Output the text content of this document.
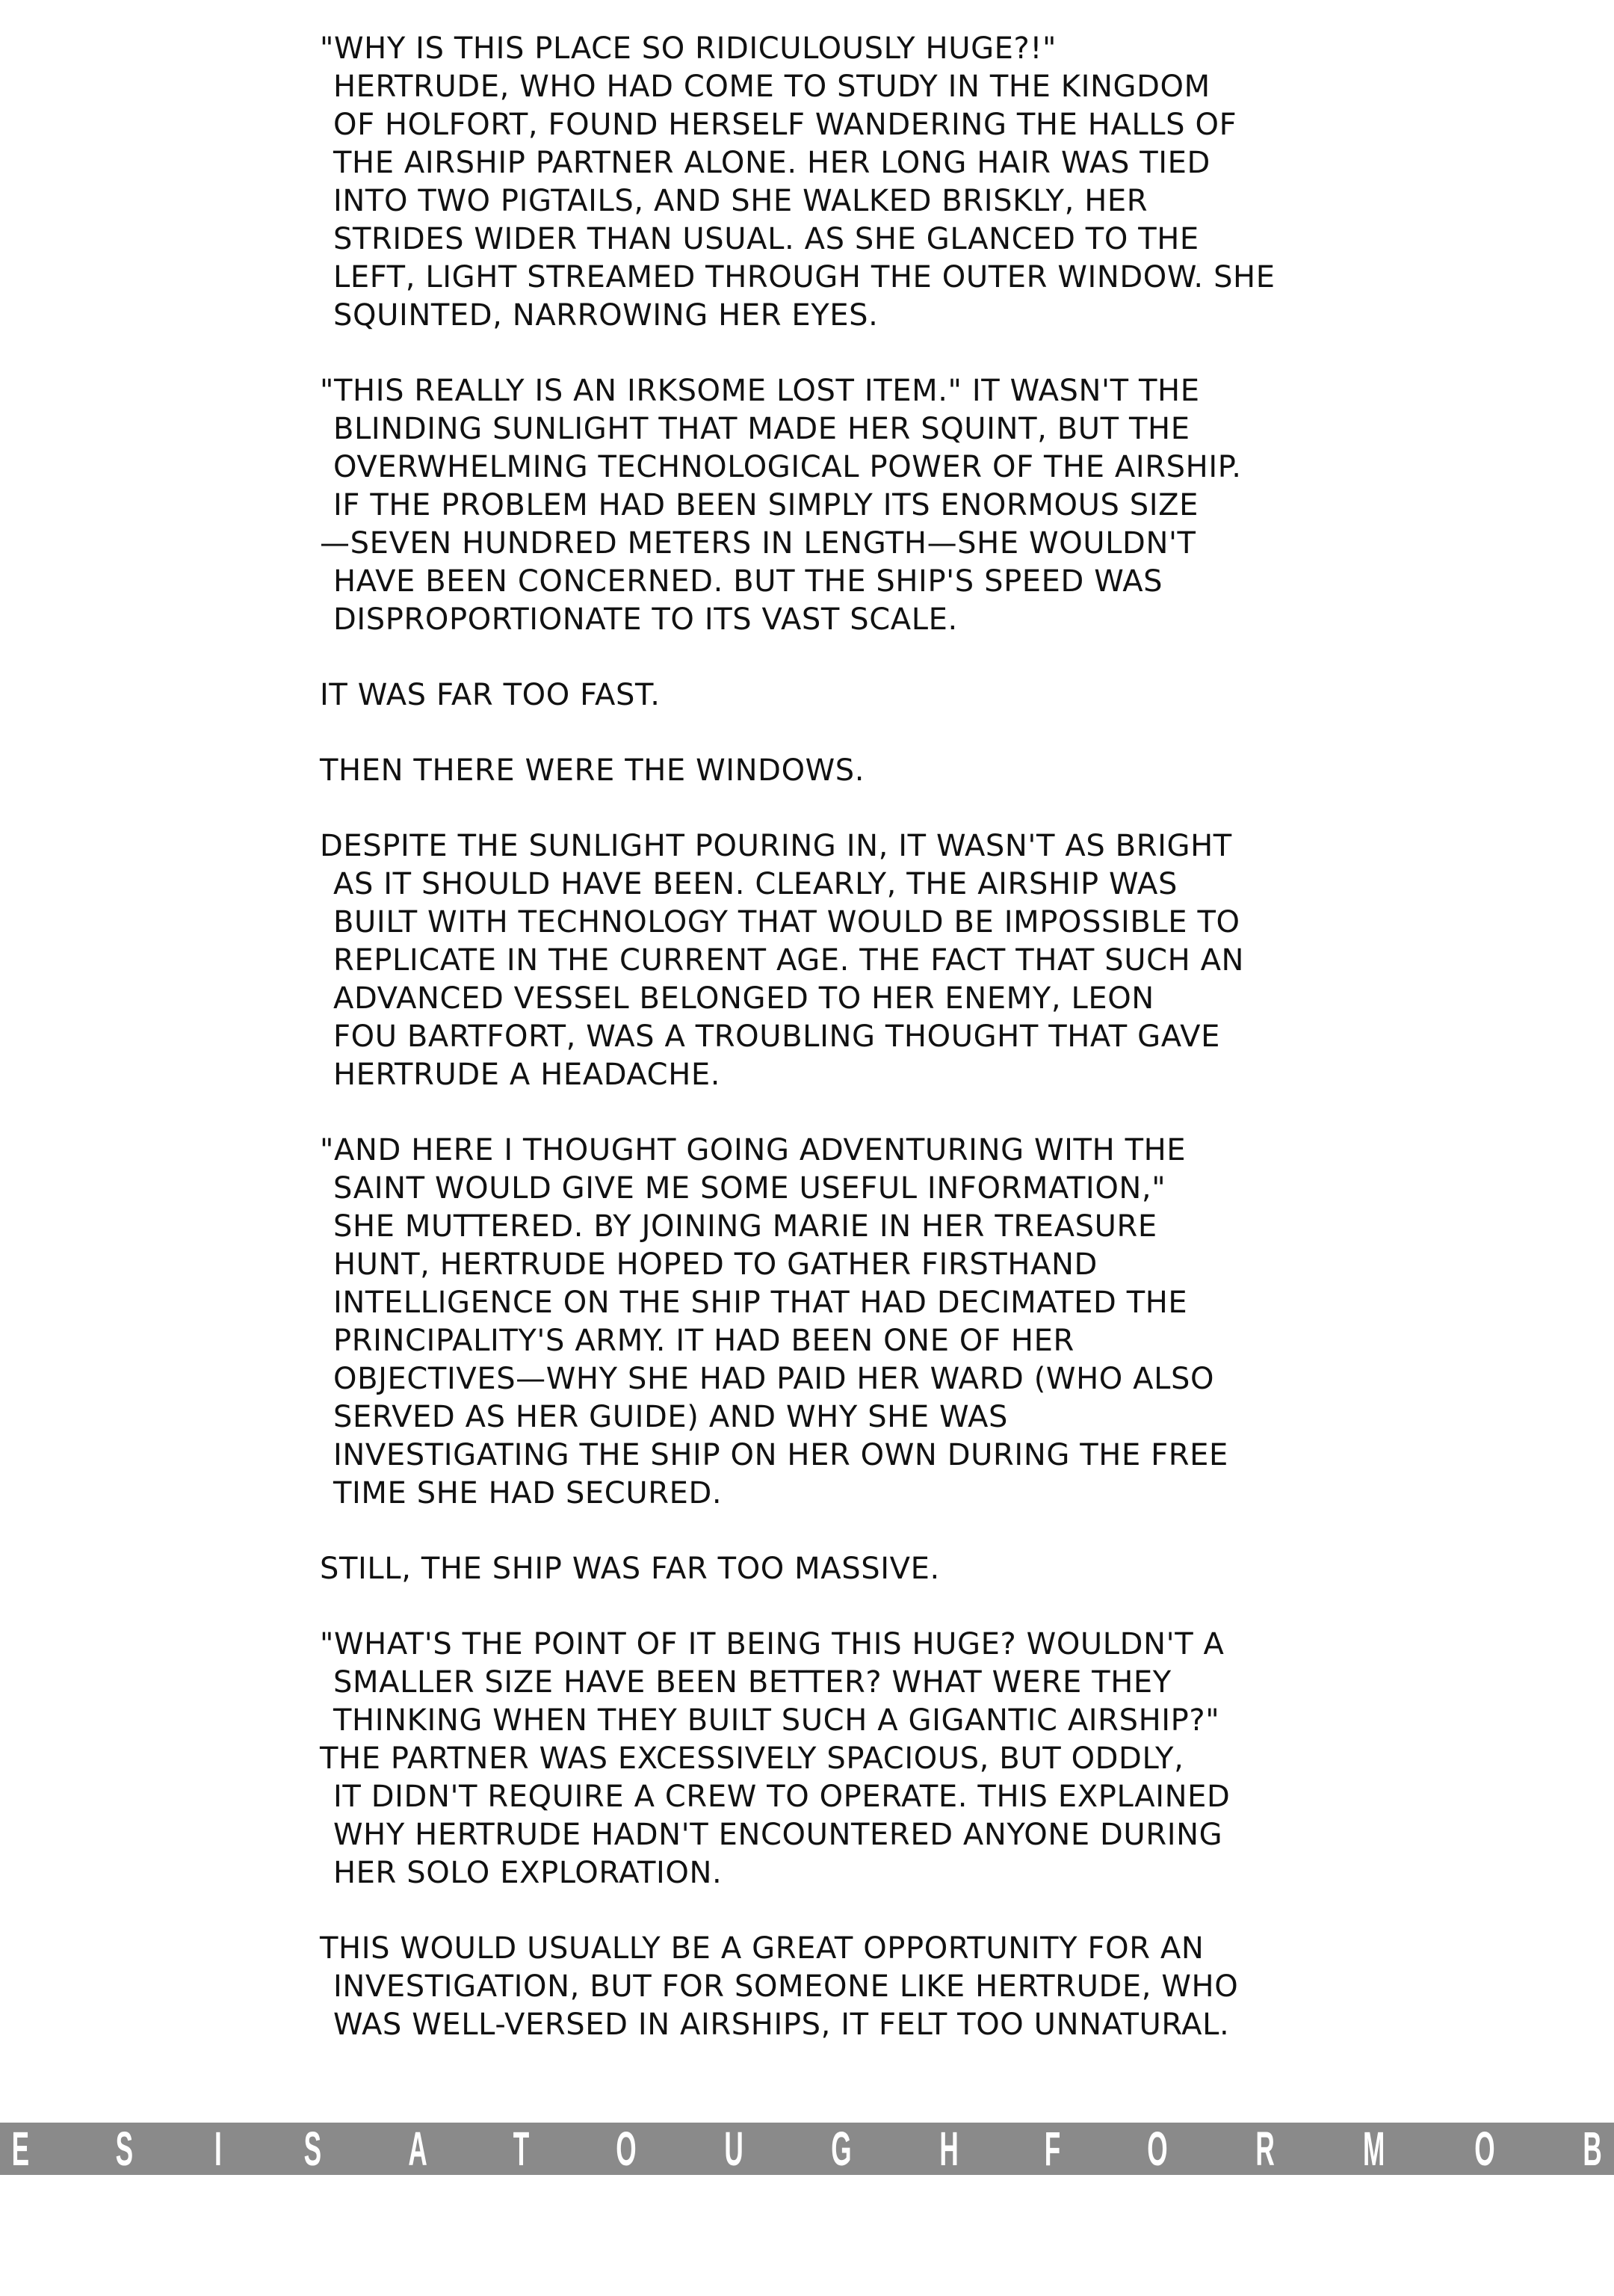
"WHY IS THIS PLACE SO RIDICULOUSLY HUGE?!"
HERTRUDE, WHO HAD COME TO STUDY IN THE KINGDOM
OF HOLFORT, FOUND HERSELF WANDERING THE HALLS OF
THE AIRSHIP PARTNER ALONE. HER LONG HAIR WAS TIED
INTO TWO PIGTAILS, AND SHE WALKED BRISKLY, HER
STRIDES WIDER THAN USUAL. AS SHE GLANCED TO THE
LEFT, LIGHT STREAMED THROUGH THE OUTER WINDOW. SHE
SQUINTED, NARROWING HER EYES.

"THIS REALLY IS AN IRKSOME LOST ITEM." IT WASN'T THE
BLINDING SUNLIGHT THAT MADE HER SQUINT, BUT THE
OVERWHELMING TECHNOLOGICAL POWER OF THE AIRSHIP.
IF THE PROBLEM HAD BEEN SIMPLY ITS ENORMOUS SIZE
—SEVEN HUNDRED METERS IN LENGTH—SHE WOULDN'T
HAVE BEEN CONCERNED. BUT THE SHIP'S SPEED WAS
DISPROPORTIONATE TO ITS VAST SCALE.

IT WAS FAR TOO FAST.

THEN THERE WERE THE WINDOWS.

DESPITE THE SUNLIGHT POURING IN, IT WASN'T AS BRIGHT
AS IT SHOULD HAVE BEEN. CLEARLY, THE AIRSHIP WAS
BUILT WITH TECHNOLOGY THAT WOULD BE IMPOSSIBLE TO
REPLICATE IN THE CURRENT AGE. THE FACT THAT SUCH AN
ADVANCED VESSEL BELONGED TO HER ENEMY, LEON
FOU BARTFORT, WAS A TROUBLING THOUGHT THAT GAVE
HERTRUDE A HEADACHE.

"AND HERE I THOUGHT GOING ADVENTURING WITH THE
SAINT WOULD GIVE ME SOME USEFUL INFORMATION,"
SHE MUTTERED. BY JOINING MARIE IN HER TREASURE
HUNT, HERTRUDE HOPED TO GATHER FIRSTHAND
INTELLIGENCE ON THE SHIP THAT HAD DECIMATED THE
PRINCIPALITY'S ARMY. IT HAD BEEN ONE OF HER
OBJECTIVES—WHY SHE HAD PAID HER WARD (WHO ALSO
SERVED AS HER GUIDE) AND WHY SHE WAS
INVESTIGATING THE SHIP ON HER OWN DURING THE FREE
TIME SHE HAD SECURED.

STILL, THE SHIP WAS FAR TOO MASSIVE.

"WHAT'S THE POINT OF IT BEING THIS HUGE? WOULDN'T A
SMALLER SIZE HAVE BEEN BETTER? WHAT WERE THEY
THINKING WHEN THEY BUILT SUCH A GIGANTIC AIRSHIP?"
THE PARTNER WAS EXCESSIVELY SPACIOUS, BUT ODDLY,
IT DIDN'T REQUIRE A CREW TO OPERATE. THIS EXPLAINED
WHY HERTRUDE HADN'T ENCOUNTERED ANYONE DURING
HER SOLO EXPLORATION.

THIS WOULD USUALLY BE A GREAT OPPORTUNITY FOR AN
INVESTIGATION, BUT FOR SOMEONE LIKE HERTRUDE, WHO
WAS WELL-VERSED IN AIRSHIPS, IT FELT TOO UNNATURAL.

E S I S A T O U G H F O R M O B
